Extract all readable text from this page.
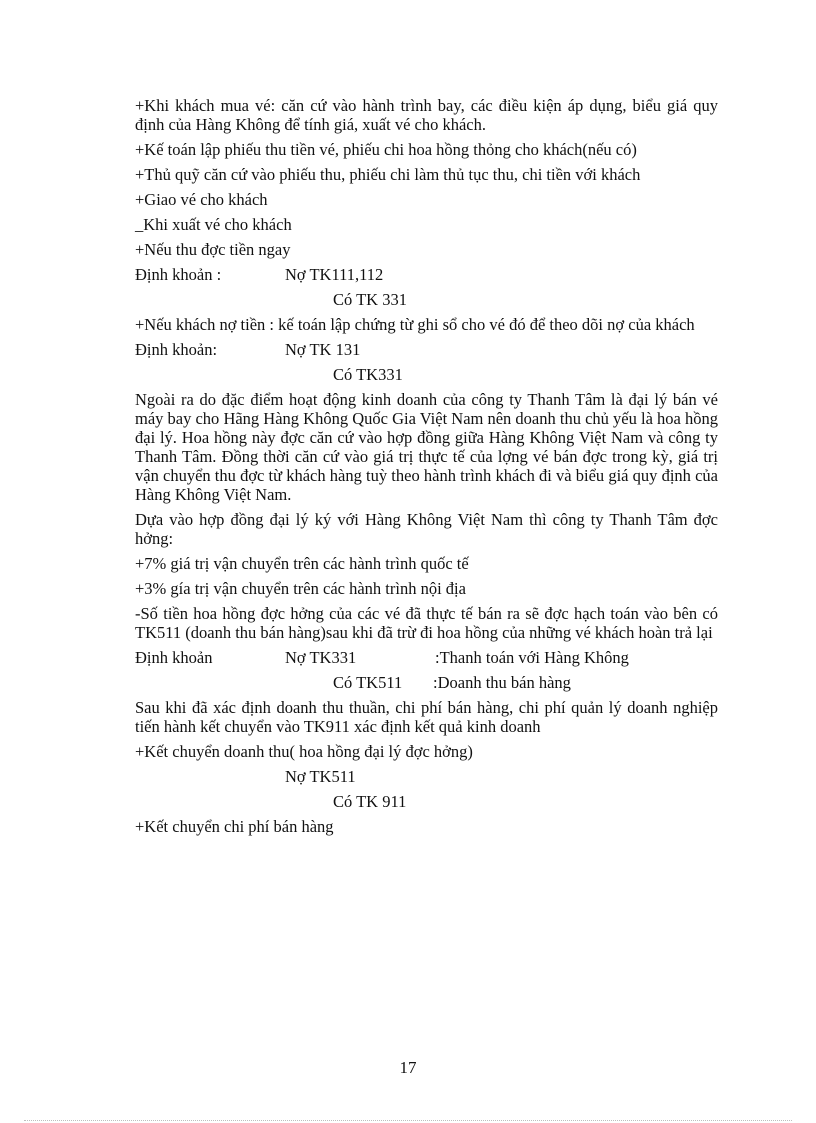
+Khi khách mua vé: căn cứ vào hành trình bay, các điều kiện áp dụng, biểu giá quy định của Hàng Không để tính giá, xuất vé cho khách.

+Kế toán lập phiếu thu tiền vé, phiếu chi hoa hồng thỏng cho khách(nếu có)

+Thủ quỹ căn cứ vào phiếu thu, phiếu chi làm thủ tục thu, chi tiền với khách

+Giao vé cho khách

_Khi xuất vé cho khách

+Nếu thu đợc tiền ngay

Định khoản :	Nợ TK111,112
Có TK 331

+Nếu khách nợ tiền : kế toán lập chứng từ ghi sổ cho vé đó để theo dõi nợ của khách

Định khoản:	Nợ TK 131
Có TK331

Ngoài ra do đặc điểm hoạt động kinh doanh của công ty Thanh Tâm là đại lý bán vé máy bay cho Hãng Hàng Không Quốc Gia Việt Nam nên doanh thu chủ yếu là hoa hồng đại lý. Hoa hồng này đợc căn cứ vào hợp đồng giữa Hàng Không Việt Nam và công ty Thanh Tâm. Đồng thời căn cứ vào giá trị thực tế của lợng vé bán đợc trong kỳ, giá trị vận chuyển thu đợc từ khách hàng tuỳ theo hành trình khách đi và biểu giá quy định của Hàng Không Việt Nam.

Dựa vào hợp đồng đại lý ký với Hàng Không Việt Nam thì công ty Thanh Tâm đợc hởng:

+7% giá trị vận chuyển trên các hành trình quốc tế

+3% gía trị vận chuyển trên các hành trình nội địa

-Số tiền hoa hồng đợc hởng của các vé đã thực tế bán ra sẽ đợc hạch toán vào bên có TK511 (doanh thu bán hàng)sau khi đã trừ đi hoa hồng của những vé khách hoàn trả lại

Định khoản	Nợ TK331	:Thanh toán với Hàng Không
Có TK511 :Doanh thu bán hàng

Sau khi đã xác định doanh thu thuần, chi phí bán hàng, chi phí quản lý doanh nghiệp tiến hành kết chuyển vào TK911 xác định kết quả kinh doanh

+Kết chuyển doanh thu( hoa hồng đại lý đợc hởng)

Nợ TK511
Có TK 911

+Kết chuyển chi phí bán hàng

17
